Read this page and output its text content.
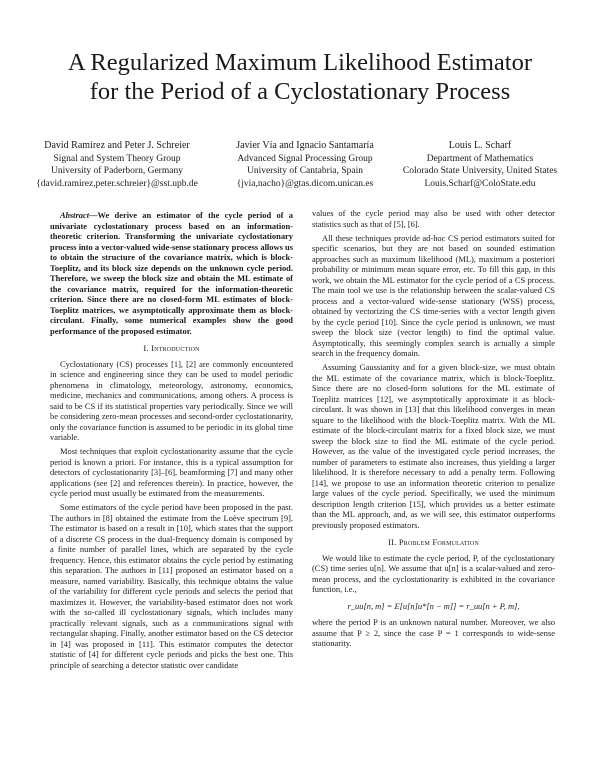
A Regularized Maximum Likelihood Estimator
for the Period of a Cyclostationary Process
David Ramírez and Peter J. Schreier
Signal and System Theory Group
University of Paderborn, Germany
{david.ramirez,peter.schreier}@sst.upb.de
Javier Vía and Ignacio Santamaría
Advanced Signal Processing Group
University of Cantabria, Spain
{jvia,nacho}@gtas.dicom.unican.es
Louis L. Scharf
Department of Mathematics
Colorado State University, United States
Louis.Scharf@ColoState.edu

Abstract—We derive an estimator of the cycle period of a univariate cyclostationary process based on an information-theoretic criterion. Transforming the univariate cyclostationary process into a vector-valued wide-sense stationary process allows us to obtain the structure of the covariance matrix, which is block-Toeplitz, and its block size depends on the unknown cycle period. Therefore, we sweep the block size and obtain the ML estimate of the covariance matrix, required for the information-theoretic criterion. Since there are no closed-form ML estimates of block-Toeplitz matrices, we asymptotically approximate them as block-circulant. Finally, some numerical examples show the good performance of the proposed estimator.

I. Introduction

Cyclostationary (CS) processes [1], [2] are commonly encountered in science and engineering since they can be used to model periodic phenomena in climatology, meteorology, astronomy, economics, medicine, mechanics and communications, among others. A process is said to be CS if its statistical properties vary periodically. Since we will be considering zero-mean processes and second-order cyclostationarity, only the covariance function is assumed to be periodic in its global time variable.

Most techniques that exploit cyclostationarity assume that the cycle period is known a priori. For instance, this is a typical assumption for detectors of cyclostationarity [3]–[6], beamforming [7] and many other applications (see [2] and references therein). In practice, however, the cycle period must usually be estimated from the measurements.

Some estimators of the cycle period have been proposed in the past. The authors in [8] obtained the estimate from the Loève spectrum [9]. The estimator is based on a result in [10], which states that the support of a discrete CS process in the dual-frequency domain is composed by a finite number of parallel lines, which are separated by the cycle frequency. Hence, this estimator obtains the cycle period by estimating this separation. The authors in [11] proposed an estimator based on a measure, named variability. Basically, this technique obtains the value of the variability for different cycle periods and selects the period that maximizes it. However, the variability-based estimator does not work with the so-called ill cyclostationary signals, which includes many practically relevant signals, such as a communications signal with rectangular shaping. Finally, another estimator based on the CS detector in [4] was proposed in [11]. This estimator computes the detector statistic of [4] for different cycle periods and picks the best one. This principle of searching a detector statistic over candidate

values of the cycle period may also be used with other detector statistics such as that of [5], [6].

All these techniques provide ad-hoc CS period estimators suited for specific scenarios, but they are not based on sounded estimation approaches such as maximum likelihood (ML), maximum a posteriori probability or minimum mean square error, etc. To fill this gap, in this work, we obtain the ML estimator for the cycle period of a CS process. The main tool we use is the relationship between the scalar-valued CS process and a vector-valued wide-sense stationary (WSS) process, obtained by vectorizing the CS time-series with a vector length given by the cycle period [10]. Since the cycle period is unknown, we must sweep the block size (vector length) to find the optimal value. Asymptotically, this seemingly complex search is actually a simple search in the frequency domain.

Assuming Gaussianity and for a given block-size, we must obtain the ML estimate of the covariance matrix, which is block-Toeplitz. Since there are no closed-form solutions for the ML estimate of Toeplitz matrices [12], we asymptotically approximate it as block-circulant. It was shown in [13] that this likelihood converges in mean square to the likelihood with the block-Toeplitz matrix. With the ML estimate of the block-circulant matrix for a fixed block size, we must sweep the block size to find the ML estimate of the cycle period. However, as the value of the investigated cycle period increases, the number of parameters to estimate also increases, thus yielding a larger likelihood. It is therefore necessary to add a penalty term. Following [14], we propose to use an information theoretic criterion to penalize large values of the cycle period. Specifically, we used the minimum description length criterion [15], which provides us a better estimate than the ML approach, and, as we will see, this estimator outperforms previously proposed estimators.

II. Problem Formulation

We would like to estimate the cycle period, P, of the cyclostationary (CS) time series u[n]. We assume that u[n] is a scalar-valued and zero-mean process, and the cyclostationarity is exhibited in the covariance function, i.e.,

r_uu[n, m] = E[u[n]u*[n − m]] = r_uu[n + P, m],

where the period P is an unknown natural number. Moreover, we also assume that P ≥ 2, since the case P = 1 corresponds to wide-sense stationarity.
